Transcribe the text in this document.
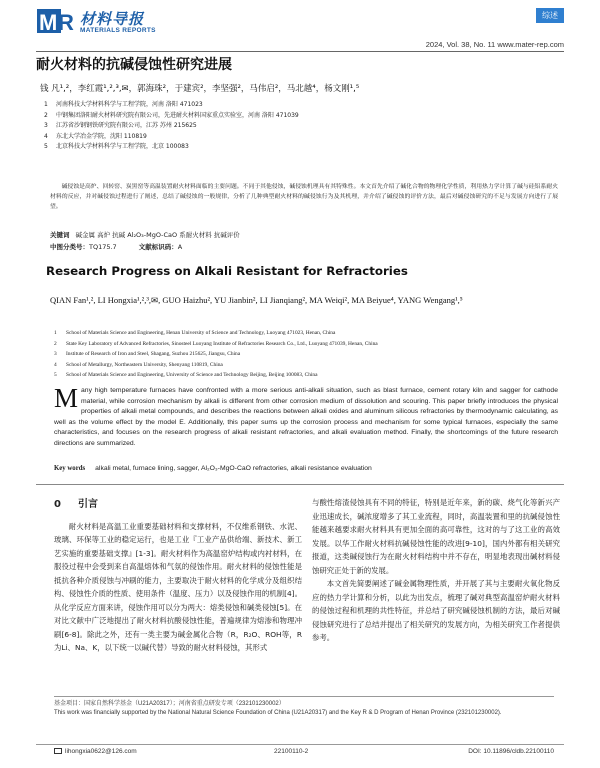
M R 材料导报
MATERIALS REPORTS
综述
2024, Vol. 38, No. 11 www.mater-rep.com
耐火材料的抗碱侵蚀性研究进展
钱 凡¹,²，李红霞¹,²,³,✉，郭海珠²，于建宾²，李坚强²，马伟启²，马北越⁴，杨文刚¹,⁵
1 河南科技大学材料科学与工程学院，河南 洛阳 471023
2 中钢集团洛阳耐火材料研究院有限公司，先进耐火材料国家重点实验室，河南 洛阳 471039
3 江苏省沙钢钢铁研究院有限公司，江苏 苏州 215625
4 东北大学冶金学院，沈阳 110819
5 北京科技大学材料科学与工程学院，北京 100083
碱侵蚀是高炉、回转窑、炭黑窑等高温装置耐火材料面临的主要问题。不同于其他侵蚀，碱侵蚀机理具有其特殊性。本文首先介绍了碱化合物的物理化学性质，利用热力学计算了碱与硅铝系耐火材料的反应，并对碱侵蚀过程进行了阐述，总结了碱侵蚀的一般规律，分析了几种典型耐火材料的碱侵蚀行为及其机理，并介绍了碱侵蚀的评价方法，最后对碱侵蚀研究的不足与发展方向进行了展望。
关键词 碱金属 高炉 抗碱 Al₂O₃-MgO-CaO 系耐火材料 抗碱评价
中图分类号：TQ175.7	文献标识码：A
Research Progress on Alkali Resistant for Refractories
QIAN Fan¹,², LI Hongxia¹,²,³,✉, GUO Haizhu², YU Jianbin², LI Jianqiang², MA Weiqi², MA Beiyue⁴, YANG Wengang¹,⁵
1 School of Materials Science and Engineering, Henan University of Science and Technology, Luoyang 471023, Henan, China
2 State Key Laboratory of Advanced Refractories, Sinosteel Luoyang Institute of Refractories Research Co., Ltd., Luoyang 471039, Henan, China
3 Institute of Research of Iron and Steel, Shagang, Suzhou 215625, Jiangsu, China
4 School of Metallurgy, Northeastern University, Shenyang 110819, China
5 School of Materials Science and Engineering, University of Science and Technology Beijing, Beijing 100083, China
Many high temperature furnaces have confronted with a more serious anti-alkali situation, such as blast furnace, cement rotary kiln and sagger for cathode material, while corrosion mechanism by alkali is different from other corrosion medium of dissolution and scouring. This paper briefly introduces the physical properties of alkali metal compounds, and describes the reactions between alkali oxides and aluminum silicous refractories by thermodynamic calculating, as well as the volume effect by the model E. Additionally, this paper sums up the corrosion process and mechanism for some typical furnaces, especially the same characteristics, and focuses on the research progress of alkali resistant refractories, and alkali evaluation method. Finally, the shortcomings of the future research directions are summarized.
Key words alkali metal, furnace lining, sagger, Al₂O₃-MgO-CaO refractories, alkali resistance evaluation
0 引言

耐火材料是高温工业重要基础材料和支撑材料，不仅维系钢铁、水泥、玻璃、环保等工业的稳定运行，也是工业『工业产品供给端、新技术、新工艺实施的重要基础支撑』[1-3]。耐火材料作为高温窑炉结构或内衬材料，在服役过程中会受到来自高温熔体和气氛的侵蚀作用。耐火材料的侵蚀性能是抵抗各种介质侵蚀与冲刷的能力，主要取决于耐火材料的化学成分及组织结构、侵蚀性介质的性质、使用条件（温度、压力）以及侵蚀作用的机制[4]。从化学反应方面来讲，侵蚀作用可以分为两大：熔类侵蚀和碱类侵蚀[5]。在对比文献中广泛地提出了耐火材料抗酸侵蚀性能，普遍规律为熔渗和物理冲刷[6-8]。除此之外，还有一类主要为碱金属化合物（R，R₂O、ROH等，R为Li、Na、K，以下统一以碱代替）导致的耐火材料侵蚀，其形式

与酸性熔渣侵蚀具有不同的特征，特别是近年来，新的碳、烧气化等新兴产业迅速成长，碱浓度增多了其工业流程，同时，高温装置和里的抗碱侵蚀性能越来越要求耐火材料具有更加全面的高可靠性，这对的与了这工业的高效发展。以华工作耐火材料抗碱侵蚀性能的改进[9-10]，国内外都有相关研究报道，这类碱侵蚀行为在耐火材料结构中并不存在，明显地表现出碱材料侵蚀研究正处于新的发展。

本文首先简要阐述了碱金属物理性质，并开展了其与主要耐火氧化物反应的热力学计算和分析，以此为出发点，梳理了碱对典型高温窑炉耐火材料的侵蚀过程和机理的共性特征，并总结了研究碱侵蚀机制的方法，最后对碱侵蚀研究进行了总结并提出了相关研究的发展方向，为相关研究工作者提供参考。

基金项目：国家自然科学基金（U21A20317）；河南省重点研发专项（232101230002）
This work was financially supported by the National Natural Science Foundation of China (U21A20317) and the Key R & D Program of Henan Province (232101230002).
lihongxia0622@126.com	22100110-2	DOI: 10.11896/cldb.22100110
